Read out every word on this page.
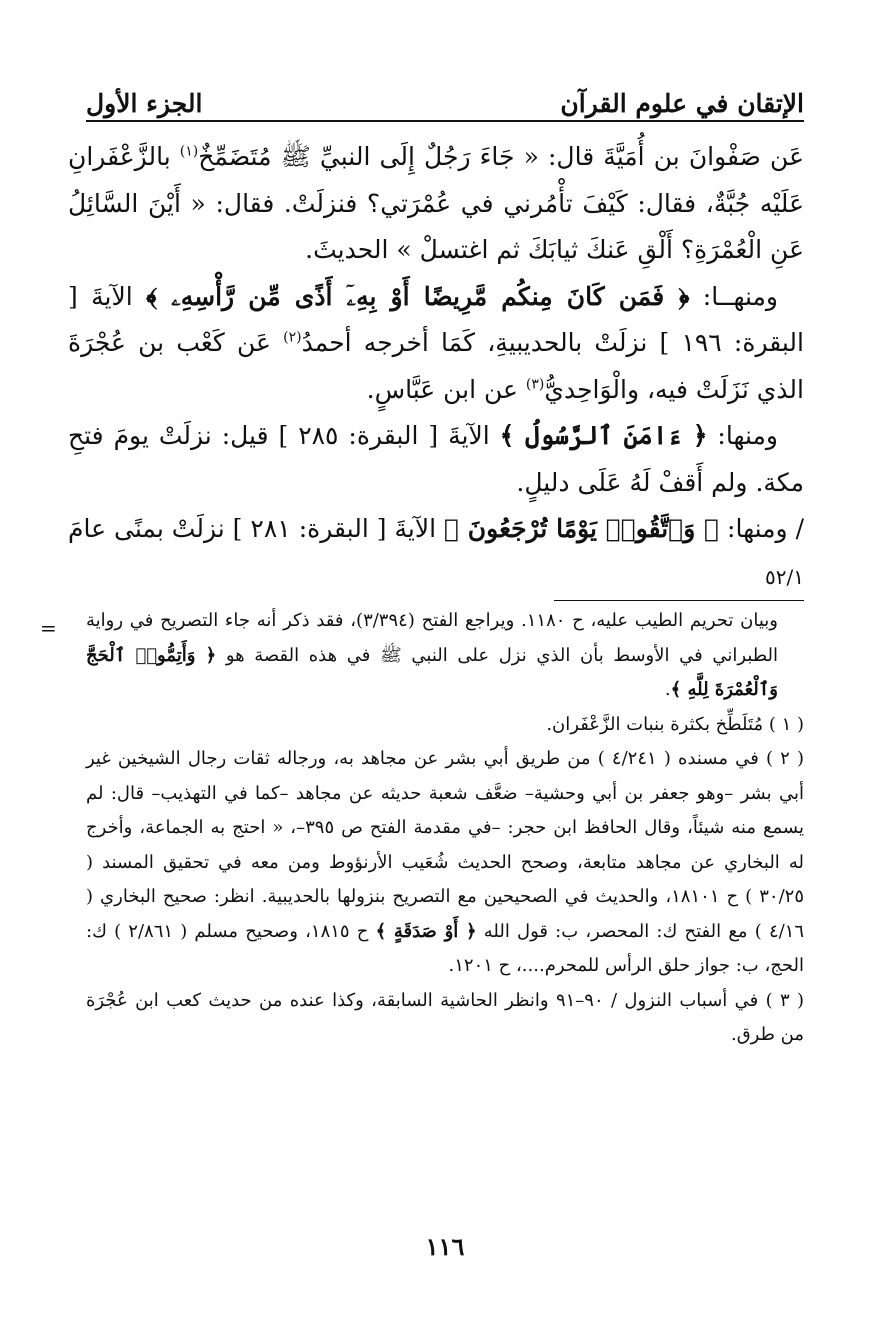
الإتقان في علوم القرآن
الجزء الأول

عَن صَفْوانَ بن أُمَيَّةَ قال: « جَاءَ رَجُلٌ إِلَى النبيِّ ﷺ مُتَضَمِّخٌ$^{(١)}$ بالزَّعْفَرانِ عَلَيْه جُبَّةٌ، فقال: كَيْفَ تأْمُرني في عُمْرَتي؟ فنزلَتْ. فقال: « أَيْنَ السَّائِلُ عَنِ الْعُمْرَةِ؟ أَلْقِ عَنكَ ثيابَكَ ثم اغتسلْ » الحديثَ.

ومنهــا: ﴿ فَمَن كَانَ مِنكُم مَّرِيضًا أَوْ بِهِۦٓ أَذًى مِّن رَّأْسِهِۦ ﴾ الآيةَ [ البقرة: ١٩٦ ] نزلَتْ بالحديبيةِ، كَمَا أخرجه أحمدُ$^{(٢)}$ عَن كَعْب بن عُجْرَةَ الذي نَزَلَتْ فيه، والْوَاحِديُّ$^{(٣)}$ عن ابن عَبَّاسٍ.

ومنها: ﴿ ءَامَنَ ٱلرَّسُولُ ﴾ الآيةَ [ البقرة: ٢٨٥ ] قيل: نزلَتْ يومَ فتحِ مكة. ولم أَقفْ لَهُ عَلَى دليلٍ.

/ ومنها: ﴿ وَٱتَّقُوا۟ يَوْمًا تُرْجَعُونَ ﴾ الآيةَ [ البقرة: ٢٨١ ] نزلَتْ بمنًى عامَ ٥٢/١

= وبيان تحريم الطيب عليه، ح ١١٨٠. ويراجع الفتح (٣/٣٩٤)، فقد ذكر أنه جاء التصريح في رواية الطبراني في الأوسط بأن الذي نزل على النبي ﷺ في هذه القصة هو ﴿ وَأَتِمُّوا۟ ٱلْحَجَّ وَٱلْعُمْرَةَ لِلَّهِ ﴾.

( ١ ) مُتَلَطِّخ بكثرة بنبات الزَّعْفَران.

( ٢ ) في مسنده ( ٤/٢٤١ ) من طريق أبي بشر عن مجاهد به، ورجاله ثقات رجال الشيخين غير أبي بشر –وهو جعفر بن أبي وحشية– ضعَّف شعبة حديثه عن مجاهد –كما في التهذيب– قال: لم يسمع منه شيئاً، وقال الحافظ ابن حجر: –في مقدمة الفتح ص ٣٩٥–، « احتج به الجماعة، وأخرج له البخاري عن مجاهد متابعة، وصحح الحديث شُعَيب الأرنؤوط ومن معه في تحقيق المسند ( ٣٠/٢٥ ) ح ١٨١٠١، والحديث في الصحيحين مع التصريح بنزولها بالحديبية. انظر: صحيح البخاري ( ٤/١٦ ) مع الفتح ك: المحصر، ب: قول الله ﴿ أَوْ صَدَقَةٍ ﴾ ح ١٨١٥، وصحيح مسلم ( ٢/٨٦١ ) ك: الحج، ب: جواز حلق الرأس للمحرم....، ح ١٢٠١.

( ٣ ) في أسباب النزول / ٩٠–٩١ وانظر الحاشية السابقة، وكذا عنده من حديث كعب ابن عُجْرَة من طرق.

١١٦
